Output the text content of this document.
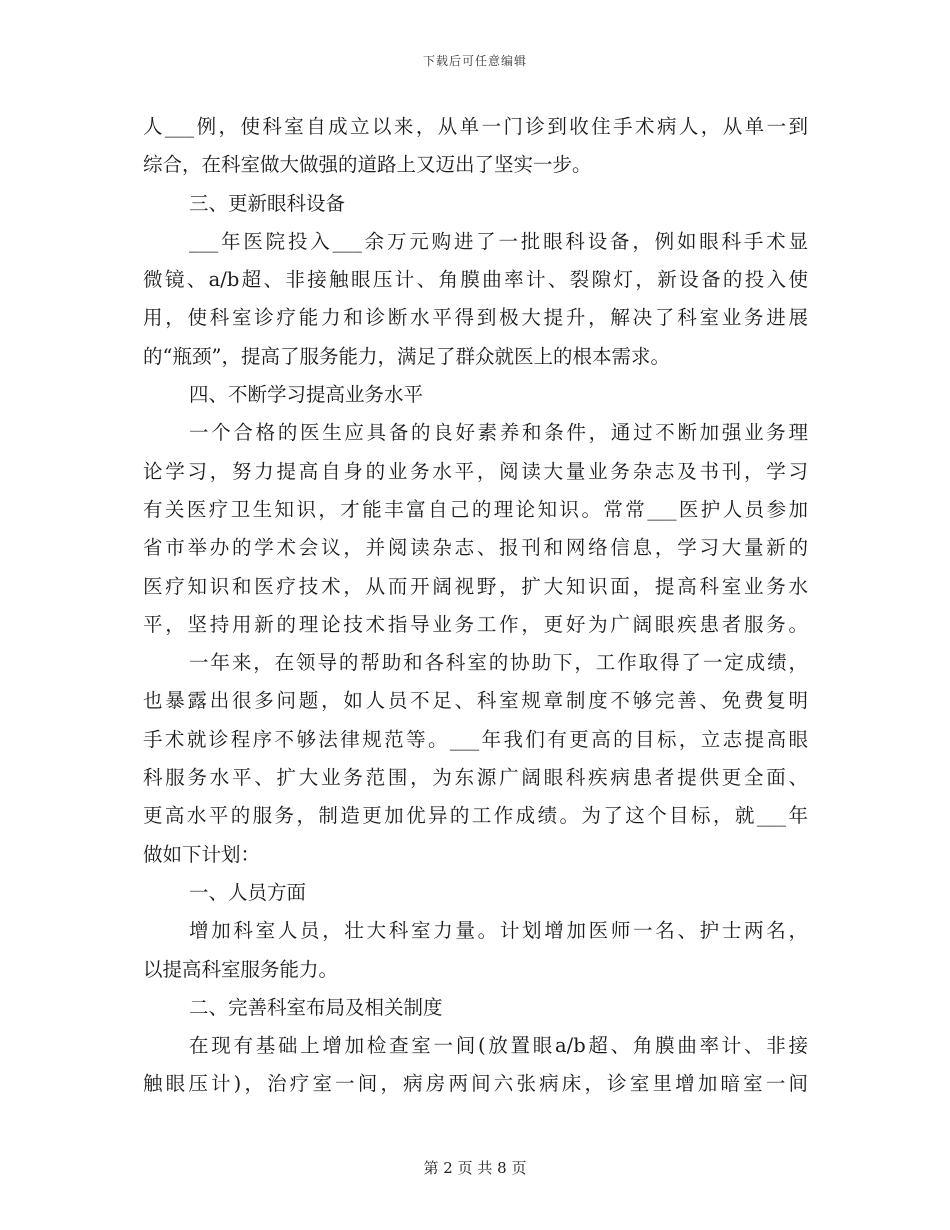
下载后可任意编辑
人___例，使科室自成立以来，从单一门诊到收住手术病人，从单一到
综合，在科室做大做强的道路上又迈出了坚实一步。
三、更新眼科设备
___年医院投入___余万元购进了一批眼科设备，例如眼科手术显
微镜、a/b超、非接触眼压计、角膜曲率计、裂隙灯，新设备的投入使
用，使科室诊疗能力和诊断水平得到极大提升，解决了科室业务进展
的“瓶颈”，提高了服务能力，满足了群众就医上的根本需求。
四、不断学习提高业务水平
一个合格的医生应具备的良好素养和条件，通过不断加强业务理
论学习，努力提高自身的业务水平，阅读大量业务杂志及书刊，学习
有关医疗卫生知识，才能丰富自己的理论知识。常常___医护人员参加
省市举办的学术会议，并阅读杂志、报刊和网络信息，学习大量新的
医疗知识和医疗技术，从而开阔视野，扩大知识面，提高科室业务水
平，坚持用新的理论技术指导业务工作，更好为广阔眼疾患者服务。
一年来，在领导的帮助和各科室的协助下，工作取得了一定成绩，
也暴露出很多问题，如人员不足、科室规章制度不够完善、免费复明
手术就诊程序不够法律规范等。___年我们有更高的目标，立志提高眼
科服务水平、扩大业务范围，为东源广阔眼科疾病患者提供更全面、
更高水平的服务，制造更加优异的工作成绩。为了这个目标，就___年
做如下计划：
一、人员方面
增加科室人员，壮大科室力量。计划增加医师一名、护士两名，
以提高科室服务能力。
二、完善科室布局及相关制度
在现有基础上增加检查室一间(放置眼a/b超、角膜曲率计、非接
触眼压计)，治疗室一间，病房两间六张病床，诊室里增加暗室一间
第 2 页 共 8 页
